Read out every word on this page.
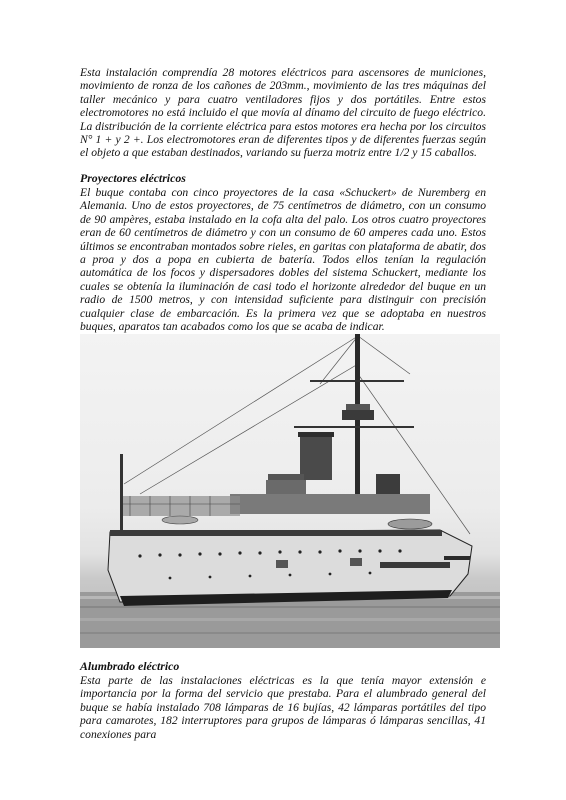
Esta instalación comprendía 28 motores eléctricos para ascensores de municiones, movimiento de ronza de los cañones de 203mm., movimiento de las tres máquinas del taller mecánico y para cuatro ventiladores fijos y dos portátiles. Entre estos electromotores no está incluido el que movía al dínamo del circuito de fuego eléctrico. La distribución de la corriente eléctrica para estos motores era hecha por los circuitos N° 1 + y 2 +. Los electromotores eran de diferentes tipos y de diferentes fuerzas según el objeto a que estaban destinados, variando su fuerza motriz entre 1/2 y 15 caballos.

Proyectores eléctricos

El buque contaba con cinco proyectores de la casa «Schuckert» de Nuremberg en Alemania. Uno de estos proyectores, de 75 centímetros de diámetro, con un consumo de 90 ampères, estaba instalado en la cofa alta del palo. Los otros cuatro proyectores eran de 60 centímetros de diámetro y con un consumo de 60 amperes cada uno. Estos últimos se encontraban montados sobre rieles, en garitas con plataforma de abatir, dos a proa y dos a popa en cubierta de batería. Todos ellos tenían la regulación automática de los focos y dispersadores dobles del sistema Schuckert, mediante los cuales se obtenía la iluminación de casi todo el horizonte alrededor del buque en un radio de 1500 metros, y con intensidad suficiente para distinguir con precisión cualquier clase de embarcación. Es la primera vez que se adoptaba en nuestros buques, aparatos tan acabados como los que se acaba de indicar.

Alumbrado eléctrico

Esta parte de las instalaciones eléctricas es la que tenía mayor extensión e importancia por la forma del servicio que prestaba. Para el alumbrado general del buque se había instalado 708 lámparas de 16 bujías, 42 lámparas portátiles del tipo para camarotes, 182 interruptores para grupos de lámparas ó lámparas sencillas, 41 conexiones para
